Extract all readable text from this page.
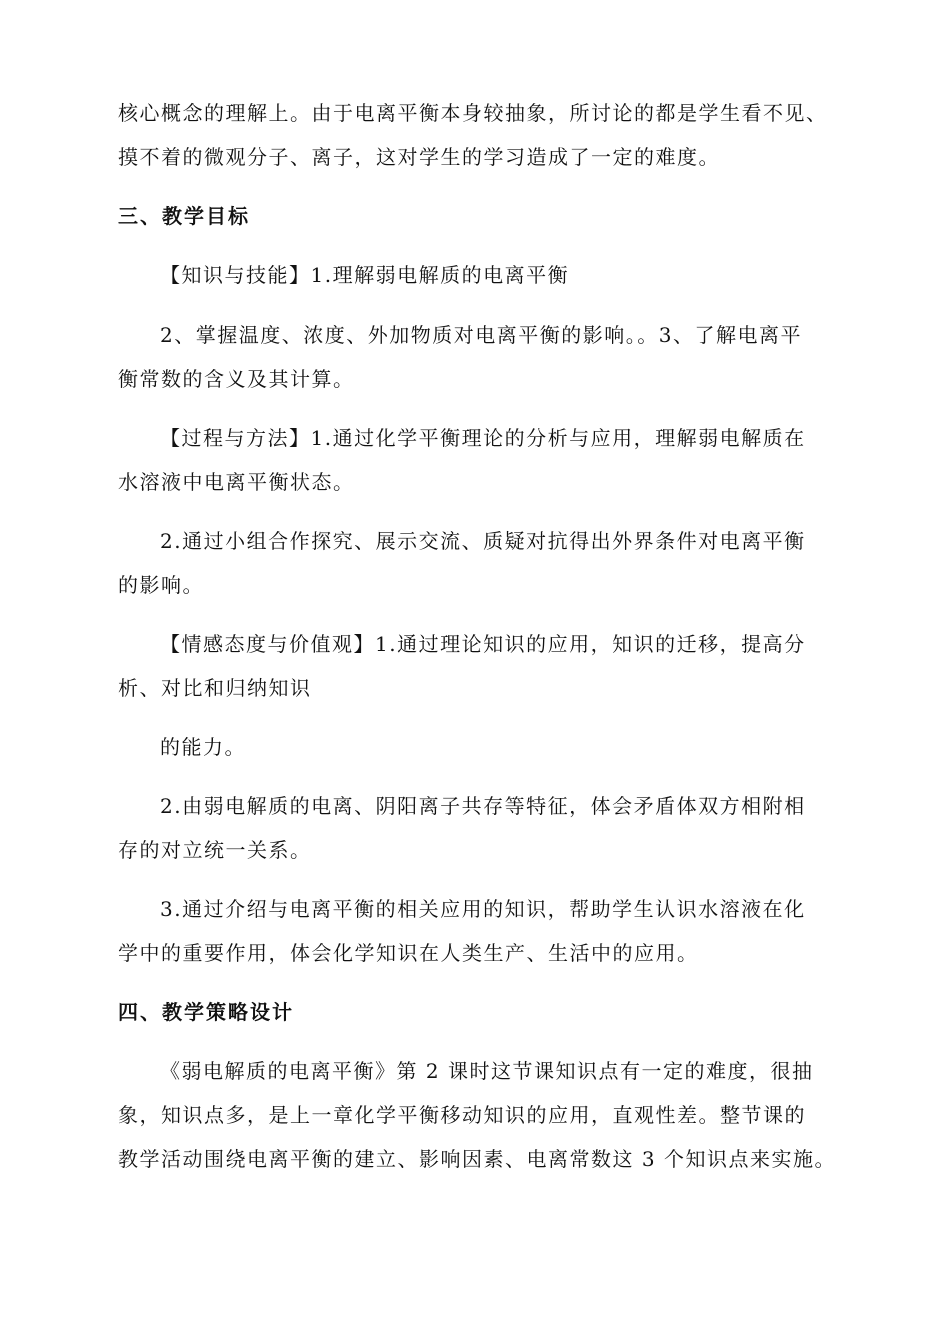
核心概念的理解上。由于电离平衡本身较抽象，所讨论的都是学生看不见、
摸不着的微观分子、离子，这对学生的学习造成了一定的难度。
三、教学目标
【知识与技能】1.理解弱电解质的电离平衡
2、掌握温度、浓度、外加物质对电离平衡的影响。。3、了解电离平
衡常数的含义及其计算。
【过程与方法】1.通过化学平衡理论的分析与应用，理解弱电解质在
水溶液中电离平衡状态。
2.通过小组合作探究、展示交流、质疑对抗得出外界条件对电离平衡
的影响。
【情感态度与价值观】1.通过理论知识的应用，知识的迁移，提高分
析、对比和归纳知识
的能力。
2.由弱电解质的电离、阴阳离子共存等特征，体会矛盾体双方相附相
存的对立统一关系。
3.通过介绍与电离平衡的相关应用的知识，帮助学生认识水溶液在化
学中的重要作用，体会化学知识在人类生产、生活中的应用。
四、教学策略设计
《弱电解质的电离平衡》第 2 课时这节课知识点有一定的难度，很抽
象，知识点多，是上一章化学平衡移动知识的应用，直观性差。整节课的
教学活动围绕电离平衡的建立、影响因素、电离常数这 3 个知识点来实施。
